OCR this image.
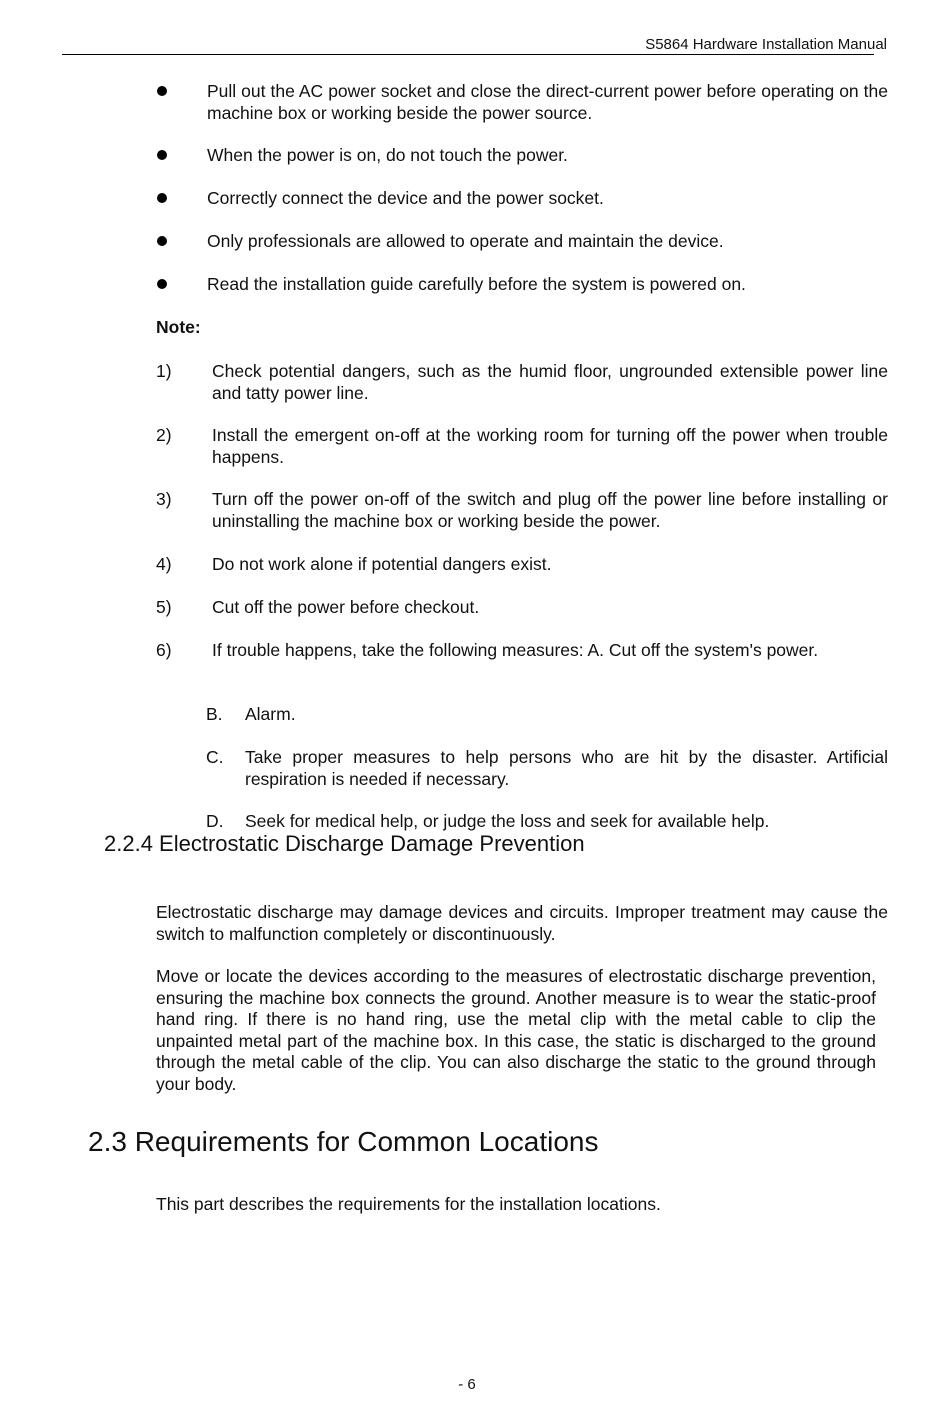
S5864 Hardware Installation Manual
Pull out the AC power socket and close the direct-current power before operating on the machine box or working beside the power source.
When the power is on, do not touch the power.
Correctly connect the device and the power socket.
Only professionals are allowed to operate and maintain the device.
Read the installation guide carefully before the system is powered on.
Note:
1) Check potential dangers, such as the humid floor, ungrounded extensible power line and tatty power line.
2) Install the emergent on-off at the working room for turning off the power when trouble happens.
3) Turn off the power on-off of the switch and plug off the power line before installing or uninstalling the machine box or working beside the power.
4) Do not work alone if potential dangers exist.
5) Cut off the power before checkout.
6) If trouble happens, take the following measures: A. Cut off the system's power.
B. Alarm.
C. Take proper measures to help persons who are hit by the disaster. Artificial respiration is needed if necessary.
D. Seek for medical help, or judge the loss and seek for available help.
2.2.4 Electrostatic Discharge Damage Prevention
Electrostatic discharge may damage devices and circuits. Improper treatment may cause the switch to malfunction completely or discontinuously.
Move or locate the devices according to the measures of electrostatic discharge prevention, ensuring the machine box connects the ground. Another measure is to wear the static-proof hand ring. If there is no hand ring, use the metal clip with the metal cable to clip the unpainted metal part of the machine box. In this case, the static is discharged to the ground through the metal cable of the clip. You can also discharge the static to the ground through your body.
2.3 Requirements for Common Locations
This part describes the requirements for the installation locations.
- 6
